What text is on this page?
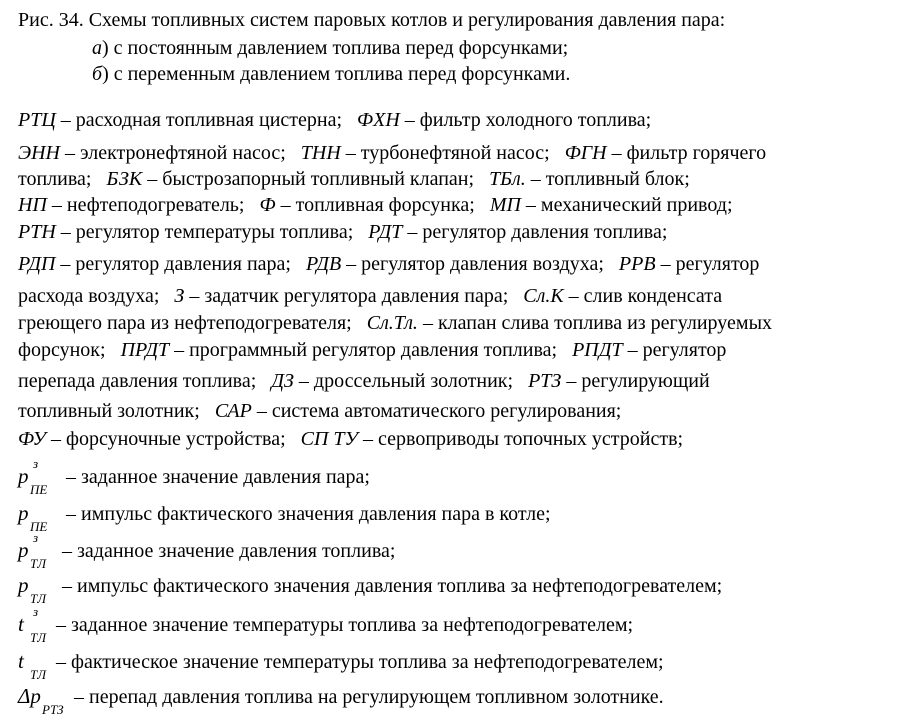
Рис. 34. Схемы топливных систем паровых котлов и регулирования давления пара:
а) с постоянным давлением топлива перед форсунками;
б) с переменным давлением топлива перед форсунками.
РТЦ – расходная топливная цистерна;   ФХН – фильтр холодного топлива;
ЭНН – электронефтяной насос;   ТНН – турбонефтяной насос;   ФГН – фильтр горячего
топлива;   БЗК – быстрозапорный топливный клапан;   ТБл. – топливный блок;
НП – нефтеподогреватель;   Ф – топливная форсунка;   МП – механический привод;
РТН – регулятор температуры топлива;   РДТ – регулятор давления топлива;
РДП – регулятор давления пара;   РДВ – регулятор давления воздуха;   РРВ – регулятор
расхода воздуха;   З – задатчик регулятора давления пара;   Сл.К – слив конденсата
греющего пара из нефтеподогревателя;   Сл.Тл. – клапан слива топлива из регулируемых
форсунок;   ПРДТ – программный регулятор давления топлива;   РПДТ – регулятор
перепада давления топлива;   ДЗ – дроссельный золотник;   РТЗ – регулирующий
топливный золотник;   САР – система автоматического регулирования;
ФУ – форсуночные устройства;   СП ТУ – сервоприводы топочных устройств;
p
з
ПЕ
– заданное значение давления пара;
p
ПЕ
– импульс фактического значения давления пара в котле;
p
з
ТЛ
– заданное значение давления топлива;
p
ТЛ
– импульс фактического значения давления топлива за нефтеподогревателем;
t
з
ТЛ
– заданное значение температуры топлива за нефтеподогревателем;
t
ТЛ
– фактическое значение температуры топлива за нефтеподогревателем;
Δp
РТЗ
– перепад давления топлива на регулирующем топливном золотнике.
